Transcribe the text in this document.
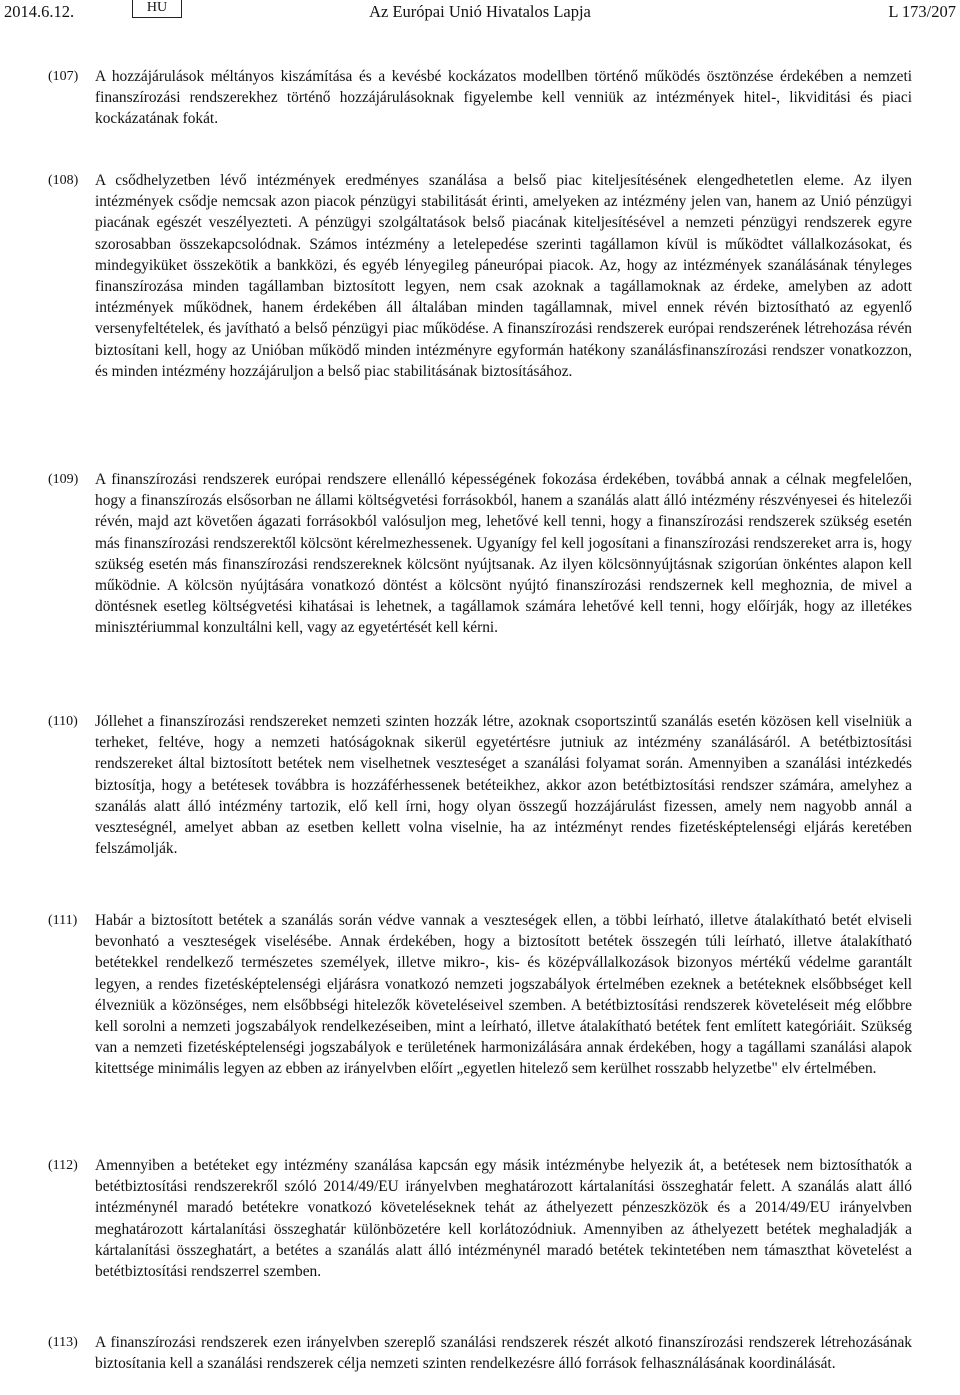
2014.6.12.	HU	Az Európai Unió Hivatalos Lapja	L 173/207
(107)	A hozzájárulások méltányos kiszámítása és a kevésbé kockázatos modellben történő működés ösztönzése érdekében a nemzeti finanszírozási rendszerekhez történő hozzájárulásoknak figyelembe kell venniük az intézmények hitel-, likviditási és piaci kockázatának fokát.
(108)	A csődhelyzetben lévő intézmények eredményes szanálása a belső piac kiteljesítésének elengedhetetlen eleme. Az ilyen intézmények csődje nemcsak azon piacok pénzügyi stabilitását érinti, amelyeken az intézmény jelen van, hanem az Unió pénzügyi piacának egészét veszélyezteti. A pénzügyi szolgáltatások belső piacának kiteljesítésével a nemzeti pénzügyi rendszerek egyre szorosabban összekapcsolódnak. Számos intézmény a letelepedése szerinti tagállamon kívül is működtet vállalkozásokat, és mindegyiküket összekötik a bankközi, és egyéb lényegileg páneurópai piacok. Az, hogy az intézmények szanálásának tényleges finanszírozása minden tagállamban biztosított legyen, nem csak azoknak a tagállamoknak az érdeke, amelyben az adott intézmények működnek, hanem érdekében áll általában minden tagállamnak, mivel ennek révén biztosítható az egyenlő versenyfeltételek, és javítható a belső pénzügyi piac működése. A finanszírozási rendszerek európai rendszerének létrehozása révén biztosítani kell, hogy az Unióban működő minden intézményre egyformán hatékony szanálásfinanszírozási rendszer vonatkozzon, és minden intézmény hozzájáruljon a belső piac stabilitásának biztosításához.
(109)	A finanszírozási rendszerek európai rendszere ellenálló képességének fokozása érdekében, továbbá annak a célnak megfelelően, hogy a finanszírozás elsősorban ne állami költségvetési forrásokból, hanem a szanálás alatt álló intézmény részvényesei és hitelezői révén, majd azt követően ágazati forrásokból valósuljon meg, lehetővé kell tenni, hogy a finanszírozási rendszerek szükség esetén más finanszírozási rendszerektől kölcsönt kérelmezhessenek. Ugyanígy fel kell jogosítani a finanszírozási rendszereket arra is, hogy szükség esetén más finanszírozási rendszereknek kölcsönt nyújtsanak. Az ilyen kölcsönnyújtásnak szigorúan önkéntes alapon kell működnie. A kölcsön nyújtására vonatkozó döntést a kölcsönt nyújtó finanszírozási rendszernek kell meghoznia, de mivel a döntésnek esetleg költségvetési kihatásai is lehetnek, a tagállamok számára lehetővé kell tenni, hogy előírják, hogy az illetékes minisztériummal konzultálni kell, vagy az egyetértését kell kérni.
(110)	Jóllehet a finanszírozási rendszereket nemzeti szinten hozzák létre, azoknak csoportszintű szanálás esetén közösen kell viselniük a terheket, feltéve, hogy a nemzeti hatóságoknak sikerül egyetértésre jutniuk az intézmény szanálásáról. A betétbiztosítási rendszereket által biztosított betétek nem viselhetnek veszteséget a szanálási folyamat során. Amennyiben a szanálási intézkedés biztosítja, hogy a betétesek továbbra is hozzáférhessenek betéteikhez, akkor azon betétbiztosítási rendszer számára, amelyhez a szanálás alatt álló intézmény tartozik, elő kell írni, hogy olyan összegű hozzájárulást fizessen, amely nem nagyobb annál a veszteségnél, amelyet abban az esetben kellett volna viselnie, ha az intézményt rendes fizetésképtelenségi eljárás keretében felszámolják.
(111)	Habár a biztosított betétek a szanálás során védve vannak a veszteségek ellen, a többi leírható, illetve átalakítható betét elviseli bevonható a veszteségek viselésébe. Annak érdekében, hogy a biztosított betétek összegén túli leírható, illetve átalakítható betétekkel rendelkező természetes személyek, illetve mikro-, kis- és középvállalkozások bizonyos mértékű védelme garantált legyen, a rendes fizetésképtelenségi eljárásra vonatkozó nemzeti jogszabályok értelmében ezeknek a betéteknek elsőbbséget kell élvezniük a közönséges, nem elsőbbségi hitelezők követeléseivel szemben. A betétbiztosítási rendszerek követeléseit még előbbre kell sorolni a nemzeti jogszabályok rendelkezéseiben, mint a leírható, illetve átalakítható betétek fent említett kategóriáit. Szükség van a nemzeti fizetésképtelenségi jogszabályok e területének harmonizálására annak érdekében, hogy a tagállami szanálási alapok kitettsége minimális legyen az ebben az irányelvben előírt „egyetlen hitelező sem kerülhet rosszabb helyzetbe" elv értelmében.
(112)	Amennyiben a betéteket egy intézmény szanálása kapcsán egy másik intézménybe helyezik át, a betétesek nem biztosíthatók a betétbiztosítási rendszerekről szóló 2014/49/EU irányelvben meghatározott kártalanítási összeghatár felett. A szanálás alatt álló intézménynél maradó betétekre vonatkozó követeléseknek tehát az áthelyezett pénzeszközök és a 2014/49/EU irányelvben meghatározott kártalanítási összeghatár különbözetére kell korlátozódniuk. Amennyiben az áthelyezett betétek meghaladják a kártalanítási összeghatárt, a betétes a szanálás alatt álló intézménynél maradó betétek tekintetében nem támaszthat követelést a betétbiztosítási rendszerrel szemben.
(113)	A finanszírozási rendszerek ezen irányelvben szereplő szanálási rendszerek részét alkotó finanszírozási rendszerek létrehozásának biztosítania kell a szanálási rendszerek célja nemzeti szinten rendelkezésre álló források felhasználásának koordinálását.
